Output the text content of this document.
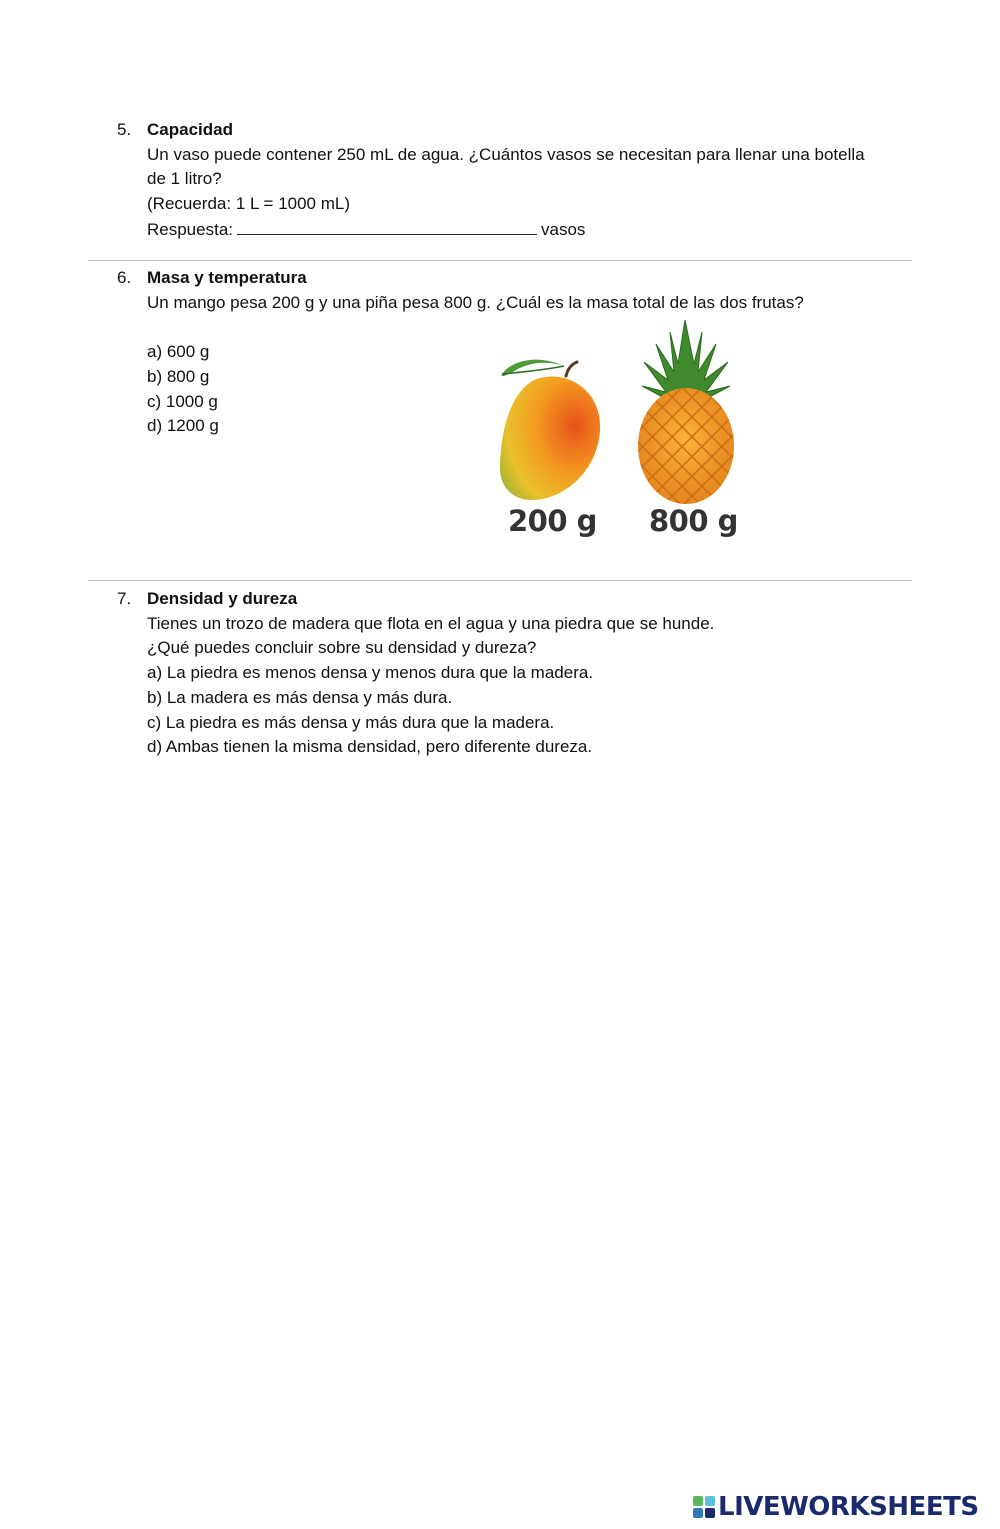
5. Capacidad
Un vaso puede contener 250 mL de agua. ¿Cuántos vasos se necesitan para llenar una botella
de 1 litro?
(Recuerda: 1 L = 1000 mL)
Respuesta:	vasos
6. Masa y temperatura
Un mango pesa 200 g y una piña pesa 800 g. ¿Cuál es la masa total de las dos frutas?
a) 600 g
b) 800 g
c) 1000 g
d) 1200 g
200 g 800 g
7. Densidad y dureza
Tienes un trozo de madera que flota en el agua y una piedra que se hunde.
¿Qué puedes concluir sobre su densidad y dureza?
a) La piedra es menos densa y menos dura que la madera.
b) La madera es más densa y más dura.
c) La piedra es más densa y más dura que la madera.
d) Ambas tienen la misma densidad, pero diferente dureza.
LIVEWORKSHEETS
